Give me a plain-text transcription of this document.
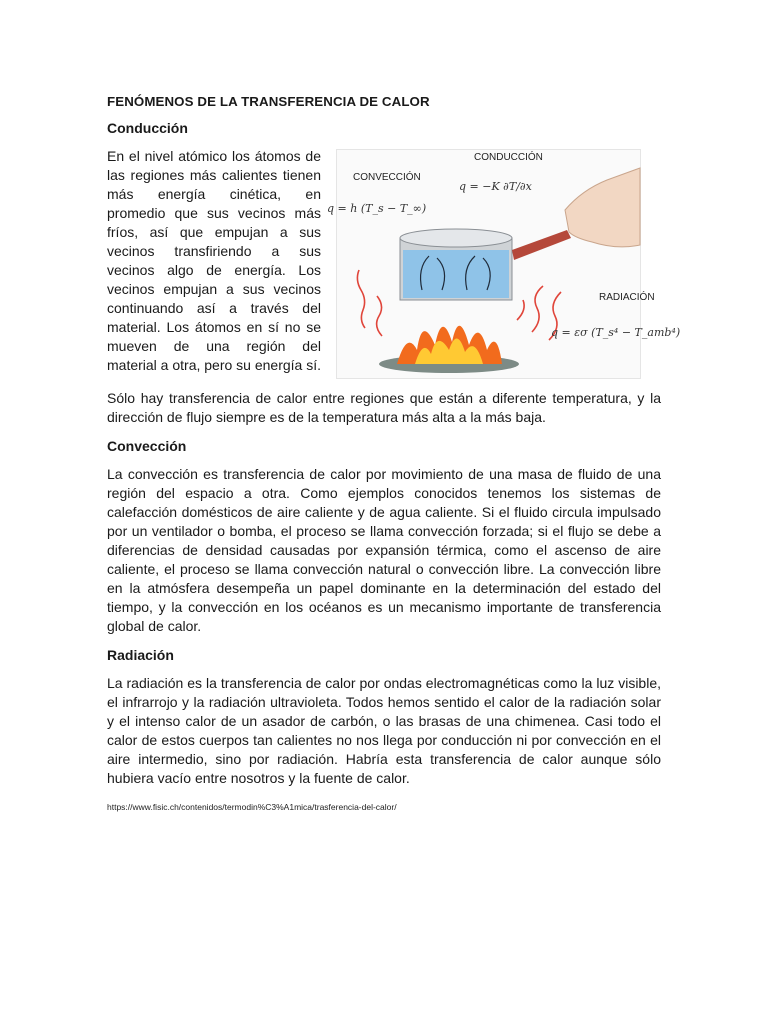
FENÓMENOS DE LA TRANSFERENCIA DE CALOR
Conducción
En el nivel atómico los átomos de las regiones más calientes tienen más energía cinética, en promedio que sus vecinos más fríos, así que empujan a sus vecinos transfiriendo a sus vecinos algo de energía. Los vecinos empujan a sus vecinos continuando así a través del material. Los átomos en sí no se mueven de una región del material a otra, pero su energía sí.
CONDUCCIÓN
CONVECCIÓN
RADIACIÓN
q = h (T_s − T_∞)
q = −K ∂T/∂x
q = εσ (T_s⁴ − T_amb⁴)

Sólo hay transferencia de calor entre regiones que están a diferente temperatura, y la dirección de flujo siempre es de la temperatura más alta a la más baja.

Convección

La convección es transferencia de calor por movimiento de una masa de fluido de una región del espacio a otra. Como ejemplos conocidos tenemos los sistemas de calefacción domésticos de aire caliente y de agua caliente. Si el fluido circula impulsado por un ventilador o bomba, el proceso se llama convección forzada; si el flujo se debe a diferencias de densidad causadas por expansión térmica, como el ascenso de aire caliente, el proceso se llama convección natural o convección libre. La convección libre en la atmósfera desempeña un papel dominante en la determinación del estado del tiempo, y la convección en los océanos es un mecanismo importante de transferencia global de calor.

Radiación

La radiación es la transferencia de calor por ondas electromagnéticas como la luz visible, el infrarrojo y la radiación ultravioleta. Todos hemos sentido el calor de la radiación solar y el intenso calor de un asador de carbón, o las brasas de una chimenea. Casi todo el calor de estos cuerpos tan calientes no nos llega por conducción ni por convección en el aire intermedio, sino por radiación. Habría esta transferencia de calor aunque sólo hubiera vacío entre nosotros y la fuente de calor.

https://www.fisic.ch/contenidos/termodin%C3%A1mica/trasferencia-del-calor/
